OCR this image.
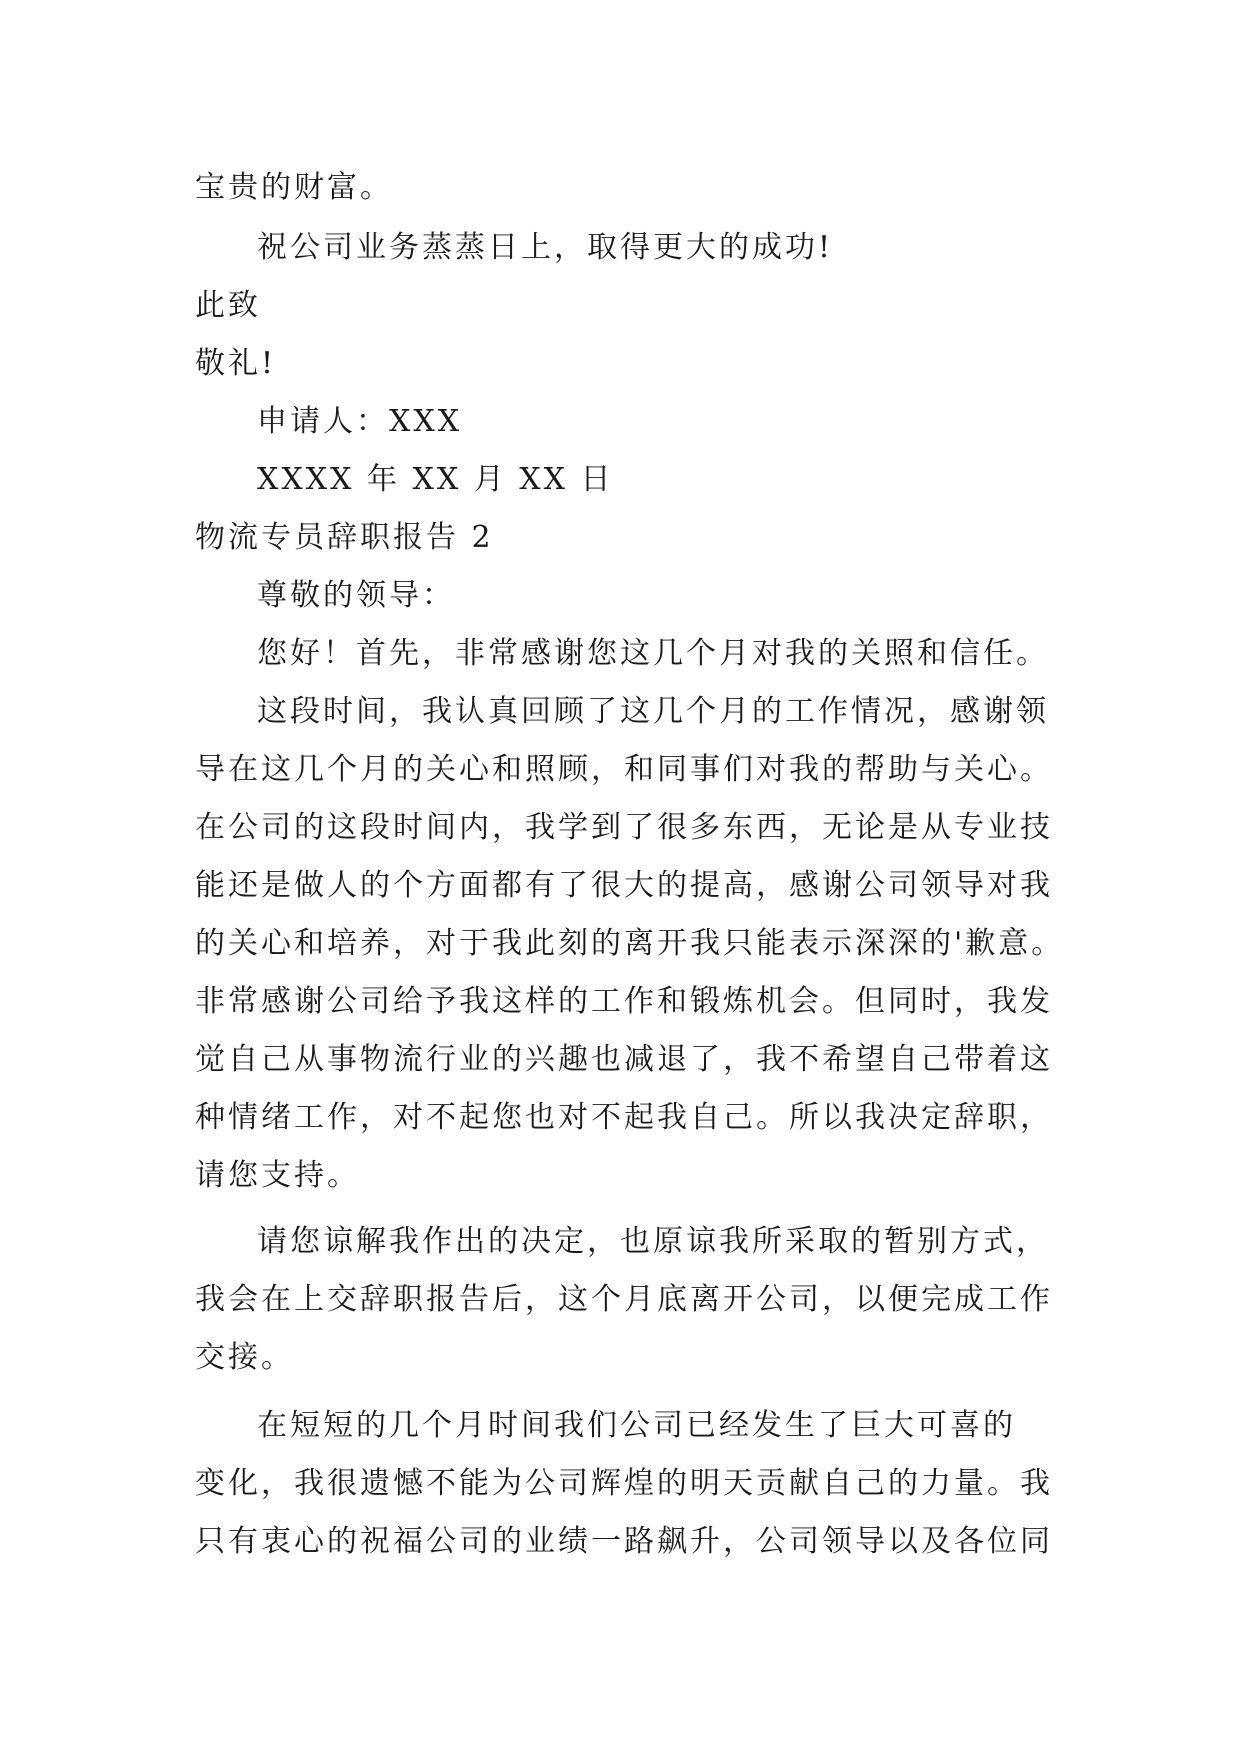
宝贵的财富。
祝公司业务蒸蒸日上，取得更大的成功!
此致
敬礼!
申请人：XXX
XXXX 年 XX 月 XX 日
物流专员辞职报告 2
尊敬的领导：
您好！首先，非常感谢您这几个月对我的关照和信任。
这段时间，我认真回顾了这几个月的工作情况，感谢领
导在这几个月的关心和照顾，和同事们对我的帮助与关心。
在公司的这段时间内，我学到了很多东西，无论是从专业技
能还是做人的个方面都有了很大的提高，感谢公司领导对我
的关心和培养，对于我此刻的离开我只能表示深深的'歉意。
非常感谢公司给予我这样的工作和锻炼机会。但同时，我发
觉自己从事物流行业的兴趣也减退了，我不希望自己带着这
种情绪工作，对不起您也对不起我自己。所以我决定辞职，
请您支持。
请您谅解我作出的决定，也原谅我所采取的暂别方式，
我会在上交辞职报告后，这个月底离开公司，以便完成工作
交接。
在短短的几个月时间我们公司已经发生了巨大可喜的
变化，我很遗憾不能为公司辉煌的明天贡献自己的力量。我
只有衷心的祝福公司的业绩一路飙升，公司领导以及各位同
